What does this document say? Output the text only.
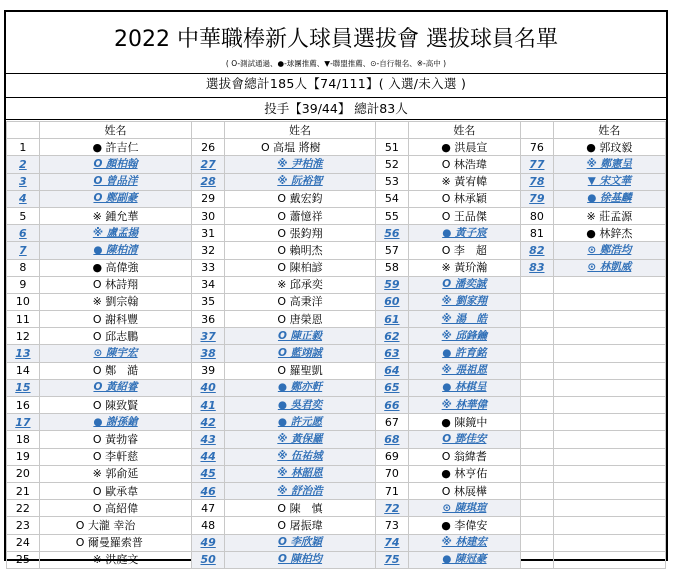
2022 中華職棒新人球員選拔會 選拔球員名單
( O-測試通過、●-球團推薦、▼-聯盟推薦、⊙-自行報名、※-高中 )
選拔會總計185人【74/111】( 入選/未入選 )
投手【39/44】 總計83人
	姓名		姓名		姓名		姓名
1	● 許吉仁	26	O 高塭 將樹	51	● 洪晨宣	76	● 郭玟毅
2	O 顏柏翰	27	※ 尹柏淮	52	O 林浩瑋	77	※ 鄭憲呈
3	O 曾品洋	28	※ 阮裕智	53	※ 黃宥幃	78	▼ 宋文華
4	O 鄭副豪	29	O 戴宏鈞	54	O 林承穎	79	● 徐基麟
5	※ 鍾允華	30	O 蕭憶祥	55	O 王品傑	80	※ 莊孟源
6	※ 盧孟揚	31	O 張鈞翔	56	● 黃子宸	81	● 林鋅杰
7	● 陳柏清	32	O 賴明杰	57	O 李　超	82	⊙ 鄭浩均
8	● 高偉強	33	O 陳柏諺	58	※ 黃玠瀚	83	⊙ 林凱威
9	O 林詩翔	34	※ 邱承奕	59	O 潘奕誠		
10	※ 劉宗翰	35	O 高秉洋	60	※ 劉家翔		
11	O 謝科豐	36	O 唐榮恩	61	※ 湯　皓		
12	O 邱志鵬	37	O 陳正毅	62	※ 邱鋒鑰		
13	⊙ 陳宇宏	38	O 藍翊誠	63	● 許育銘		
14	O 鄭　澔	39	O 羅聖凱	64	※ 張祖恩		
15	O 黃紹睿	40	● 鄭亦軒	65	● 林棋呈		
16	O 陳致賢	41	● 吳君奕	66	※ 林華偉		
17	● 謝孫鎗	42	● 許元愿	67	● 陳鏡中		
18	O 黃勃睿	43	※ 黃保羅	68	O 鄧佳安		
19	O 李軒慈	44	※ 伍祐城	69	O 翁緯耆		
20	※ 郭俞延	45	※ 林韶恩	70	● 林亨佑		
21	O 歐承韋	46	※ 舒治浩	71	O 林展樺		
22	O 高紹偉	47	O 陳　慎	72	⊙ 陳琪瑄		
23	O 大瀧 幸治	48	O 屠振瑋	73	● 李偉安		
24	O 爾曼羅索普	49	O 李欣穎	74	※ 林建宏		
25	※ 洪庭文	50	O 陳柏均	75	● 陳冠豪		
